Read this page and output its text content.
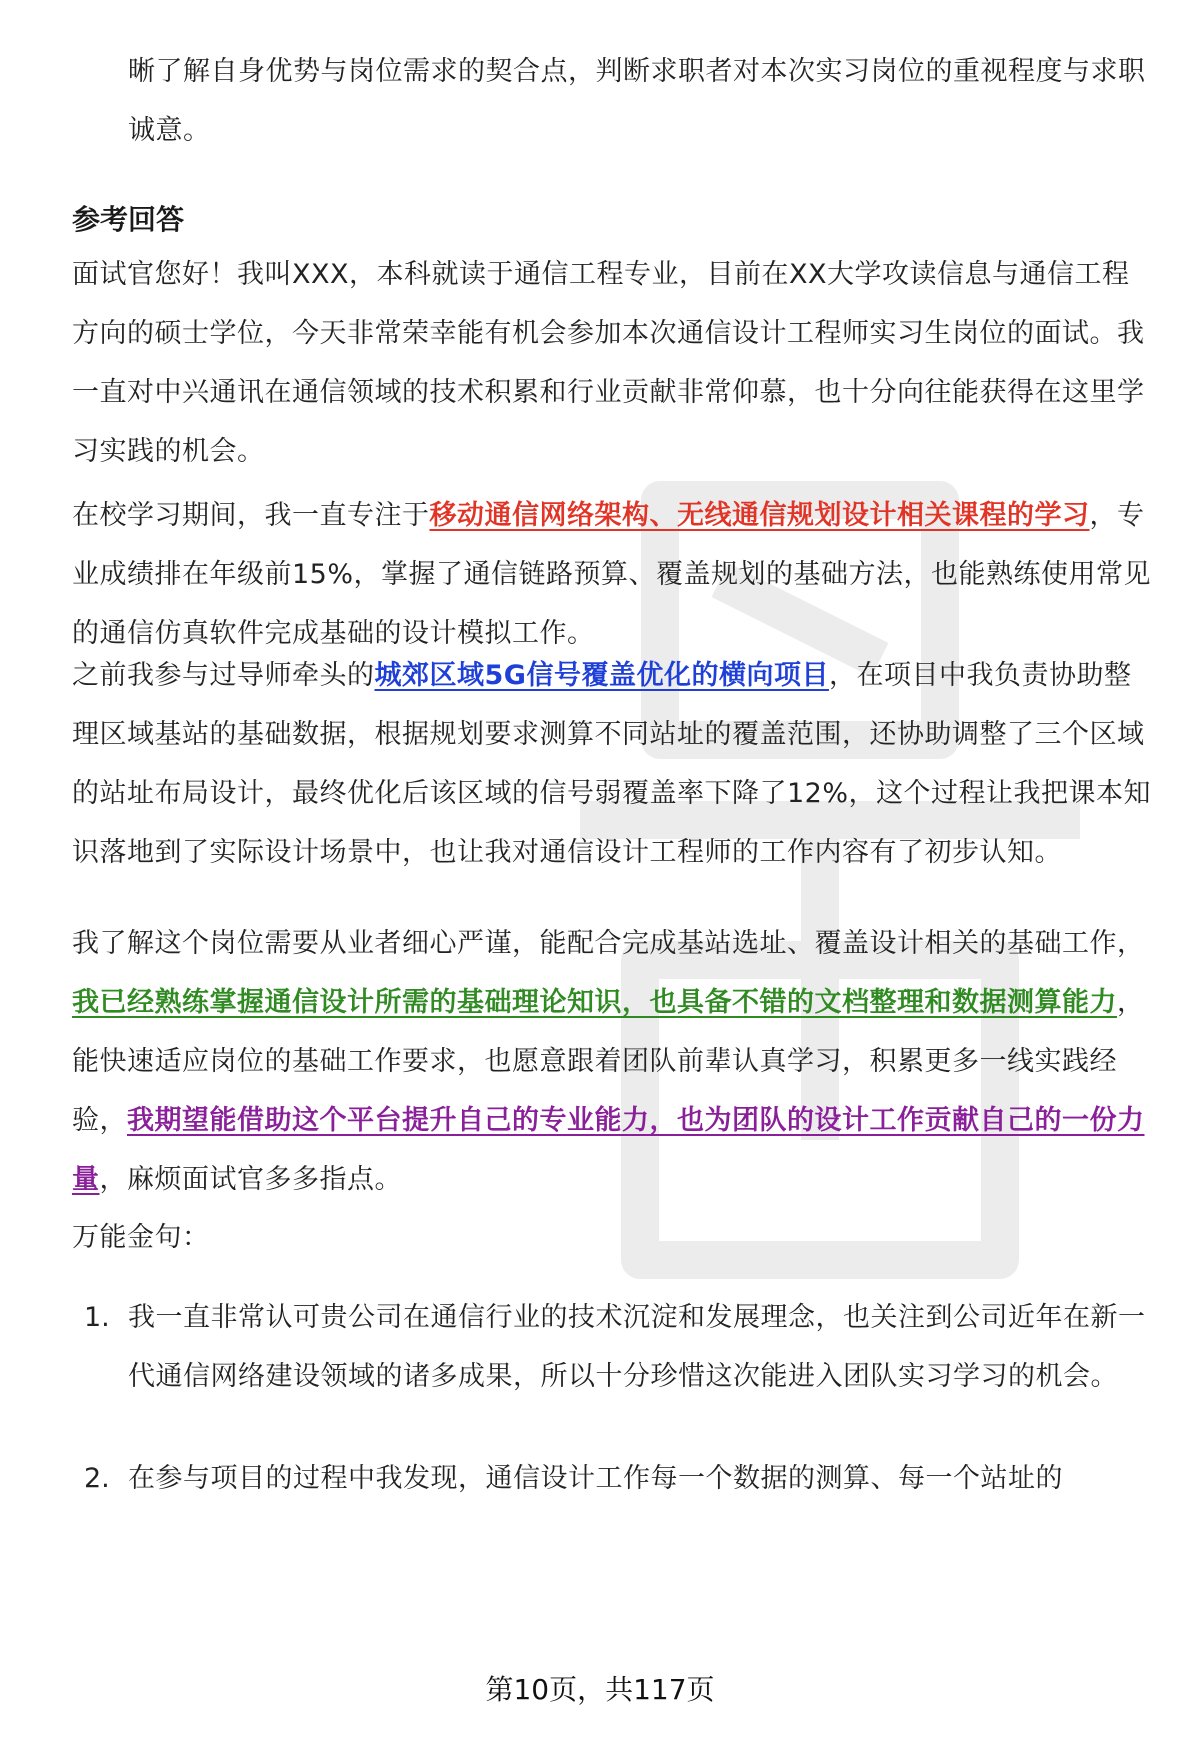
晰了解自身优势与岗位需求的契合点，判断求职者对本次实习岗位的重视程度与求职诚意。

参考回答

面试官您好！我叫XXX，本科就读于通信工程专业，目前在XX大学攻读信息与通信工程方向的硕士学位，今天非常荣幸能有机会参加本次通信设计工程师实习生岗位的面试。我一直对中兴通讯在通信领域的技术积累和行业贡献非常仰慕，也十分向往能获得在这里学习实践的机会。

在校学习期间，我一直专注于移动通信网络架构、无线通信规划设计相关课程的学习，专业成绩排在年级前15%，掌握了通信链路预算、覆盖规划的基础方法，也能熟练使用常见的通信仿真软件完成基础的设计模拟工作。

之前我参与过导师牵头的城郊区域5G信号覆盖优化的横向项目，在项目中我负责协助整理区域基站的基础数据，根据规划要求测算不同站址的覆盖范围，还协助调整了三个区域的站址布局设计，最终优化后该区域的信号弱覆盖率下降了12%，这个过程让我把课本知识落地到了实际设计场景中，也让我对通信设计工程师的工作内容有了初步认知。

我了解这个岗位需要从业者细心严谨，能配合完成基站选址、覆盖设计相关的基础工作，我已经熟练掌握通信设计所需的基础理论知识，也具备不错的文档整理和数据测算能力，能快速适应岗位的基础工作要求，也愿意跟着团队前辈认真学习，积累更多一线实践经验，我期望能借助这个平台提升自己的专业能力，也为团队的设计工作贡献自己的一份力量，麻烦面试官多多指点。

万能金句：

1. 我一直非常认可贵公司在通信行业的技术沉淀和发展理念，也关注到公司近年在新一代通信网络建设领域的诸多成果，所以十分珍惜这次能进入团队实习学习的机会。

2. 在参与项目的过程中我发现，通信设计工作每一个数据的测算、每一个站址的

第10页，共117页
